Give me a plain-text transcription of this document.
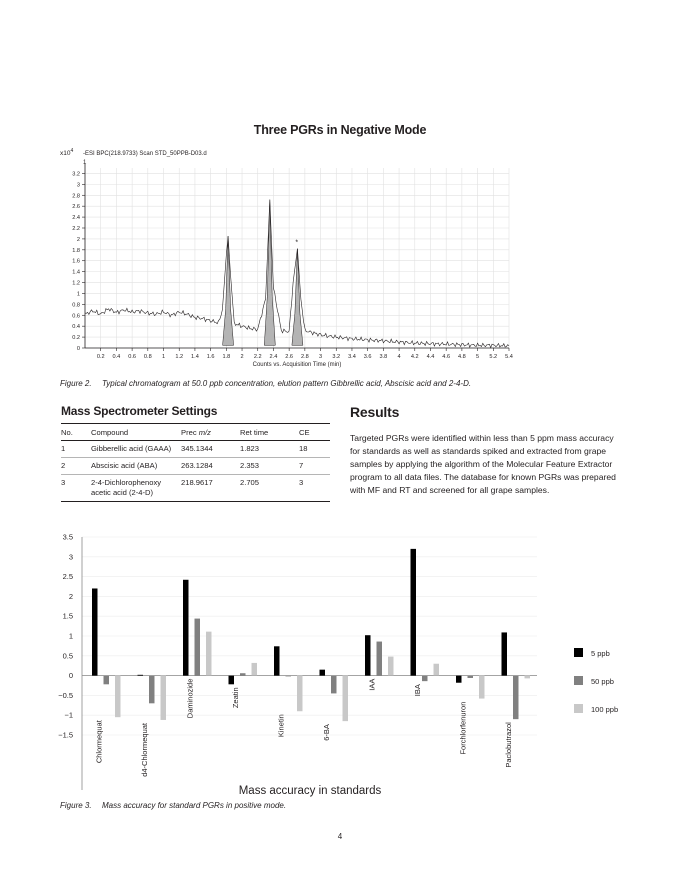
Three PGRs in Negative Mode
$x10^4$ -ESI BPC(218.9733) Scan STD_50PPB-D03.d
1
0
0.2
0.4
0.6
0.8
1
1.2
1.4
1.6
1.8
2
2.2
2.4
2.6
2.8
3
3.2
0.2 0.4 0.6 0.8 1 1.2 1.4 1.6 1.8 2 2.2 2.4 2.6 2.8 3 3.2 3.4 3.6 3.8 4 4.2 4.4 4.6 4.8 5 5.2 5.4
*
Counts vs. Acquisition Time (min)
Figure 2. Typical chromatogram at 50.0 ppb concentration, elution pattern Gibbrellic acid, Abscisic acid and 2-4-D.
Mass Spectrometer Settings
No.	Compound	Prec m/z	Ret time	CE
1	Gibberellic acid (GAAA)	345.1344	1.823	18
2	Abscisic acid (ABA)	263.1284	2.353	7
3	2-4-Dichlorophenoxy
acetic acid (2-4-D)	218.9617	2.705	3
Results
Targeted PGRs were identified within less than 5 ppm mass accuracy for standards as well as standards spiked and extracted from grape samples by applying the algorithm of the Molecular Feature Extractor program to all data files. The database for known PGRs was prepared with MF and RT and screened for all grape samples.
3.5
3
2.5
2
1.5
1
0.5
0
−0.5
−1
−1.5	Chlormequat	d4-Chlormequat
Daminozide	Zeatin
Kinetin	6-BA
IAA	IBA
Forchlorfenuron	Paclobutrazol
Mass accuracy in standards
5 ppb
50 ppb
100 ppb
Figure 3. Mass accuracy for standard PGRs in positive mode.
4
